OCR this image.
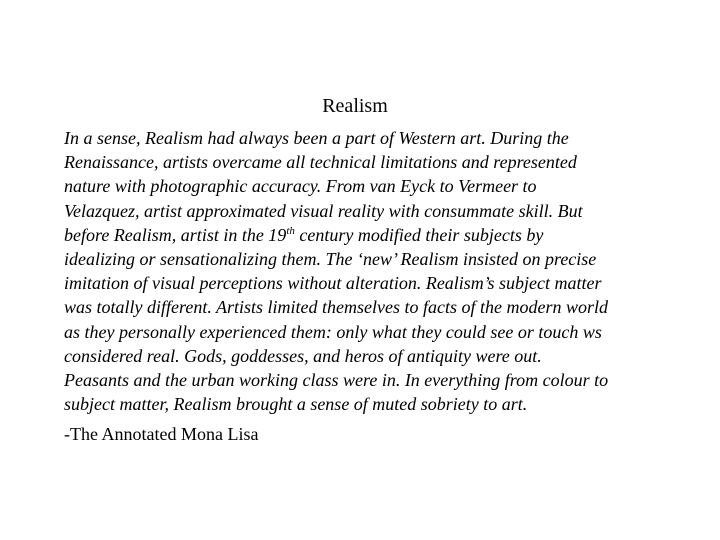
Realism
In a sense, Realism had always been a part of Western art. During the
Renaissance, artists overcame all technical limitations and represented
nature with photographic accuracy. From van Eyck to Vermeer to
Velazquez, artist approximated visual reality with consummate skill. But
before Realism, artist in the 19th century modified their subjects by
idealizing or sensationalizing them. The ‘new’ Realism insisted on precise
imitation of visual perceptions without alteration. Realism’s subject matter
was totally different. Artists limited themselves to facts of the modern world
as they personally experienced them: only what they could see or touch ws
considered real. Gods, goddesses, and heros of antiquity were out.
Peasants and the urban working class were in. In everything from colour to
subject matter, Realism brought a sense of muted sobriety to art.
-The Annotated Mona Lisa
